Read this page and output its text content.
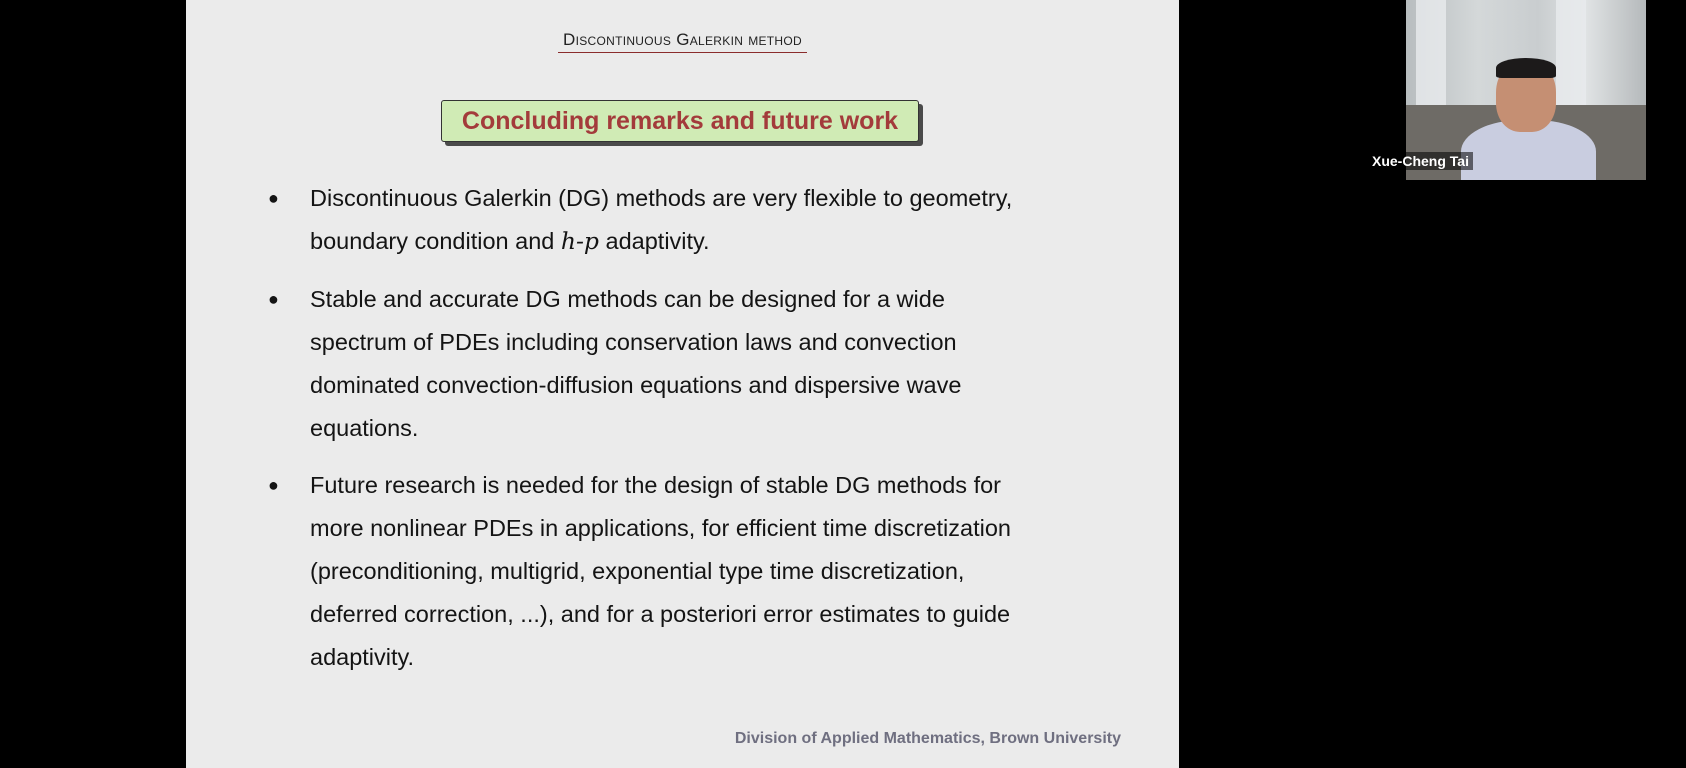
Discontinuous Galerkin method
Concluding remarks and future work
●	Discontinuous Galerkin (DG) methods are very flexible to geometry,
boundary condition and h-p adaptivity.

●	Stable and accurate DG methods can be designed for a wide
spectrum of PDEs including conservation laws and convection
dominated convection-diffusion equations and dispersive wave
equations.

●	Future research is needed for the design of stable DG methods for
more nonlinear PDEs in applications, for efficient time discretization
(preconditioning, multigrid, exponential type time discretization,
deferred correction, ...), and for a posteriori error estimates to guide
adaptivity.

Division of Applied Mathematics, Brown University
Xue-Cheng Tai
